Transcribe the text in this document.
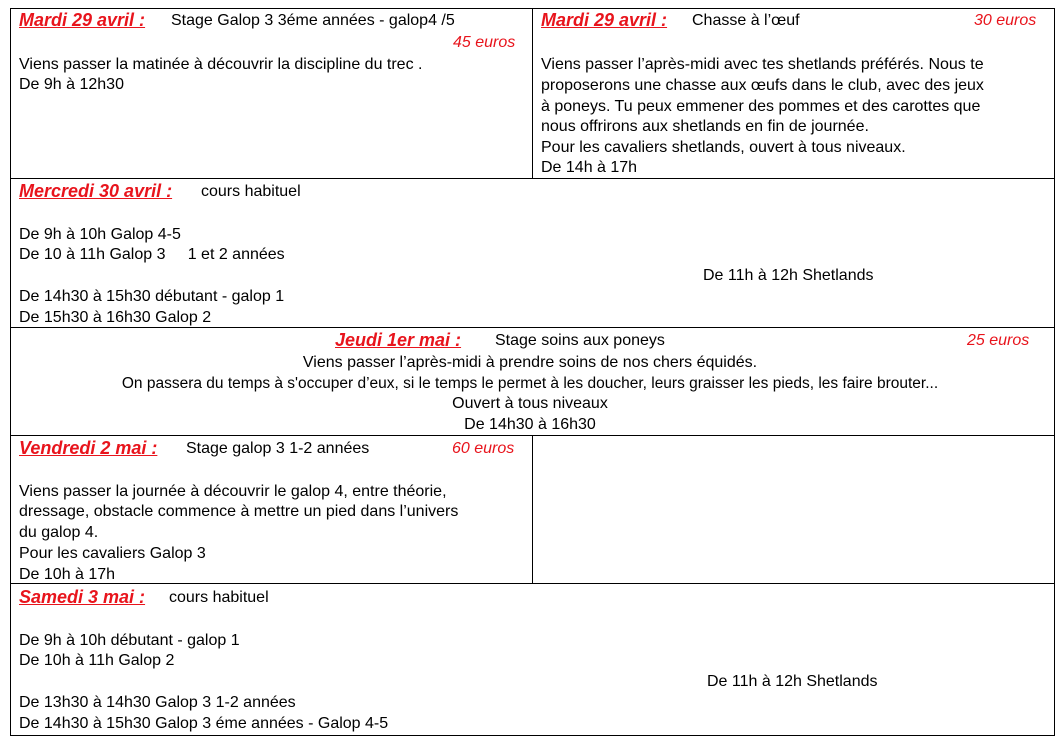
Mardi 29 avril : Stage Galop 3 3éme années - galop4 /5
45 euros
Viens passer la matinée à découvrir la discipline du trec .
De 9h à 12h30
Mardi 29 avril : Chasse à l’œuf	30 euros
Viens passer l’après-midi avec tes shetlands préférés. Nous te
proposerons une chasse aux œufs dans le club, avec des jeux
à poneys. Tu peux emmener des pommes et des carottes que
nous offrirons aux shetlands en fin de journée.
Pour les cavaliers shetlands, ouvert à tous niveaux.
De 14h à 17h
Mercredi 30 avril : cours habituel
De 9h à 10h Galop 4-5
De 10 à 11h Galop 3     1 et 2 années
De 14h30 à 15h30 débutant - galop 1
De 15h30 à 16h30 Galop 2
De 11h à 12h Shetlands
Jeudi 1er mai : Stage soins aux poneys	25 euros
Viens passer l’après-midi à prendre soins de nos chers équidés.
On passera du temps à s'occuper d’eux, si le temps le permet à les doucher, leurs graisser les pieds, les faire brouter...
Ouvert à tous niveaux
De 14h30 à 16h30
Vendredi 2 mai : Stage galop 3 1-2 années	60 euros
Viens passer la journée à découvrir le galop 4, entre théorie,
dressage, obstacle commence à mettre un pied dans l’univers
du galop 4.
Pour les cavaliers Galop 3
De 10h à 17h
Samedi 3 mai : cours habituel
De 9h à 10h débutant - galop 1
De 10h à 11h Galop 2
De 13h30 à 14h30 Galop 3 1-2 années
De 14h30 à 15h30 Galop 3 éme années - Galop 4-5
De 11h à 12h Shetlands
